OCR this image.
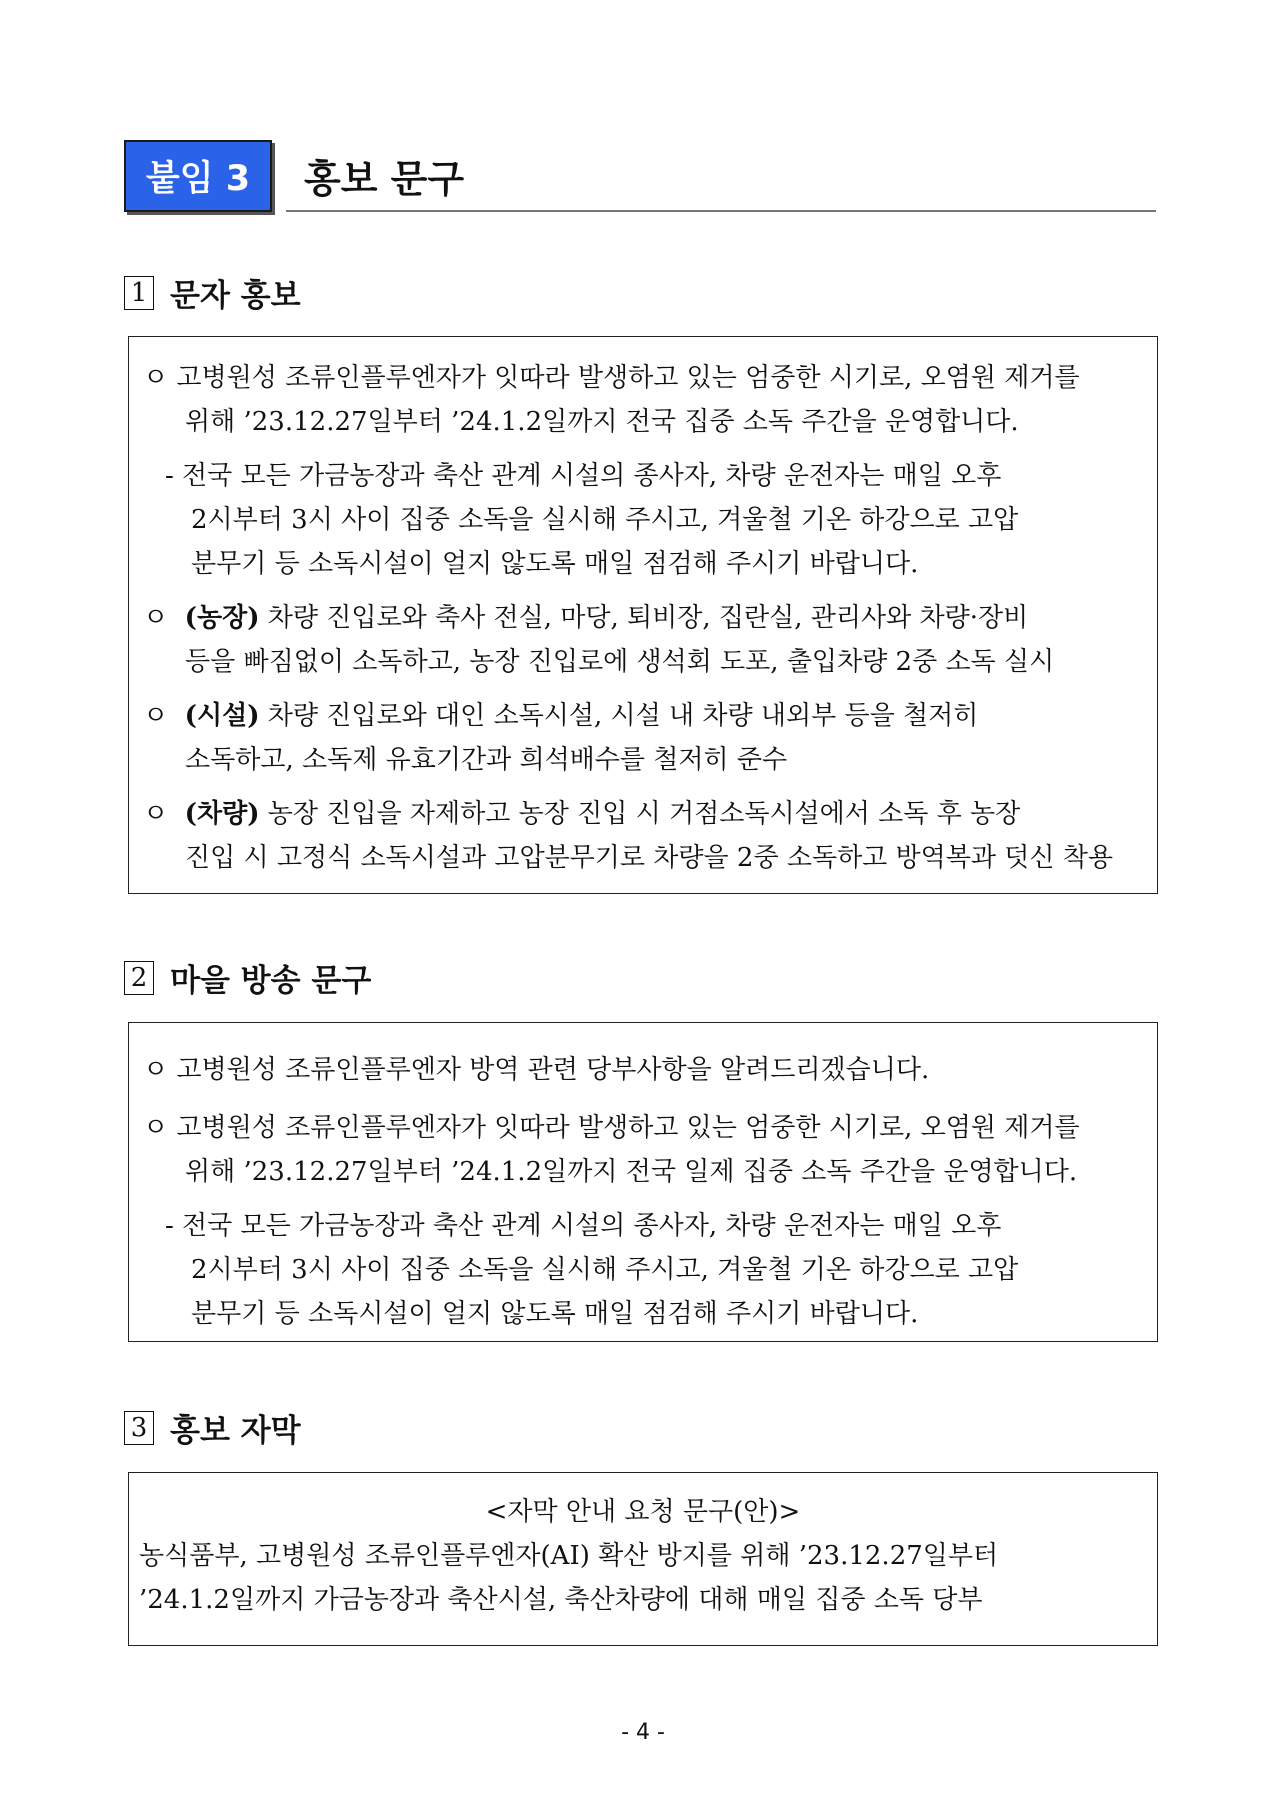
붙임 3	홍보 문구
1 문자 홍보
ㅇ 고병원성 조류인플루엔자가 잇따라 발생하고 있는 엄중한 시기로, 오염원 제거를
위해 ’23.12.27일부터 ’24.1.2일까지 전국 집중 소독 주간을 운영합니다.
- 전국 모든 가금농장과 축산 관계 시설의 종사자, 차량 운전자는 매일 오후
2시부터 3시 사이 집중 소독을 실시해 주시고, 겨울철 기온 하강으로 고압
분무기 등 소독시설이 얼지 않도록 매일 점검해 주시기 바랍니다.
ㅇ (농장) 차량 진입로와 축사 전실, 마당, 퇴비장, 집란실, 관리사와 차량·장비
등을 빠짐없이 소독하고, 농장 진입로에 생석회 도포, 출입차량 2중 소독 실시
ㅇ (시설) 차량 진입로와 대인 소독시설, 시설 내 차량 내외부 등을 철저히
소독하고, 소독제 유효기간과 희석배수를 철저히 준수
ㅇ (차량) 농장 진입을 자제하고 농장 진입 시 거점소독시설에서 소독 후 농장
진입 시 고정식 소독시설과 고압분무기로 차량을 2중 소독하고 방역복과 덧신 착용
2 마을 방송 문구
ㅇ 고병원성 조류인플루엔자 방역 관련 당부사항을 알려드리겠습니다.
ㅇ 고병원성 조류인플루엔자가 잇따라 발생하고 있는 엄중한 시기로, 오염원 제거를
위해 ’23.12.27일부터 ’24.1.2일까지 전국 일제 집중 소독 주간을 운영합니다.
- 전국 모든 가금농장과 축산 관계 시설의 종사자, 차량 운전자는 매일 오후
2시부터 3시 사이 집중 소독을 실시해 주시고, 겨울철 기온 하강으로 고압
분무기 등 소독시설이 얼지 않도록 매일 점검해 주시기 바랍니다.
3 홍보 자막
<자막 안내 요청 문구(안)>
농식품부, 고병원성 조류인플루엔자(AI) 확산 방지를 위해 ’23.12.27일부터
’24.1.2일까지 가금농장과 축산시설, 축산차량에 대해 매일 집중 소독 당부
- 4 -
